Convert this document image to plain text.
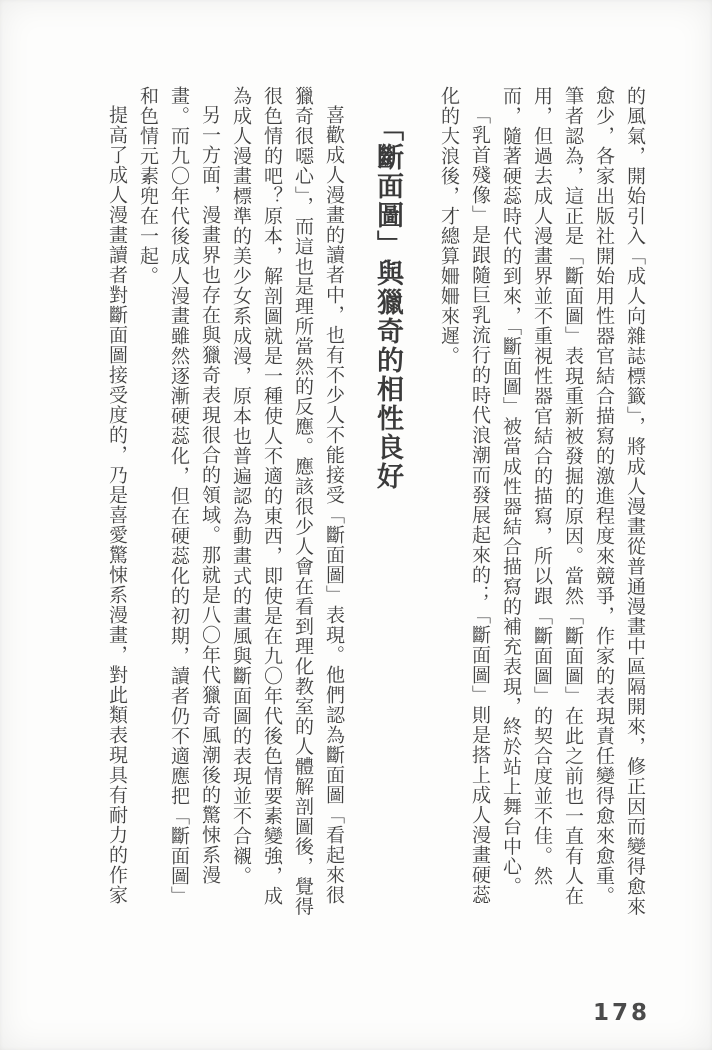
的風氣，開始引入「成人向雜誌標籤」，將成人漫畫從普通漫畫中區隔開來，修正因而變得愈來愈少，各家出版社開始用性器官結合描寫的激進程度來競爭，作家的表現責任變得愈來愈重。筆者認為，這正是「斷面圖」表現重新被發掘的原因。當然「斷面圖」在此之前也一直有人在用，但過去成人漫畫界並不重視性器官結合的描寫，所以跟「斷面圖」的契合度並不佳。然而，隨著硬蕊時代的到來，「斷面圖」被當成性器結合描寫的補充表現，終於站上舞台中心。

「乳首殘像」是跟隨巨乳流行的時代浪潮而發展起來的；「斷面圖」則是搭上成人漫畫硬蕊化的大浪後，才總算姍姍來遲。

「斷面圖」與獵奇的相性良好

喜歡成人漫畫的讀者中，也有不少人不能接受「斷面圖」表現。他們認為斷面圖「看起來很獵奇很噁心」，而這也是理所當然的反應。應該很少人會在看到理化教室的人體解剖圖後，覺得很色情的吧？原本，解剖圖就是一種使人不適的東西，即使是在九〇年代後色情要素變強，成為成人漫畫標準的美少女系成漫，原本也普遍認為動畫式的畫風與斷面圖的表現並不合襯。

另一方面，漫畫界也存在與獵奇表現很合的領域。那就是八〇年代獵奇風潮後的驚悚系漫畫。而九〇年代後成人漫畫雖然逐漸硬蕊化，但在硬蕊化的初期，讀者仍不適應把「斷面圖」和色情元素兜在一起。

提高了成人漫畫讀者對斷面圖接受度的，乃是喜愛驚悚系漫畫，對此類表現具有耐力的作家

178
